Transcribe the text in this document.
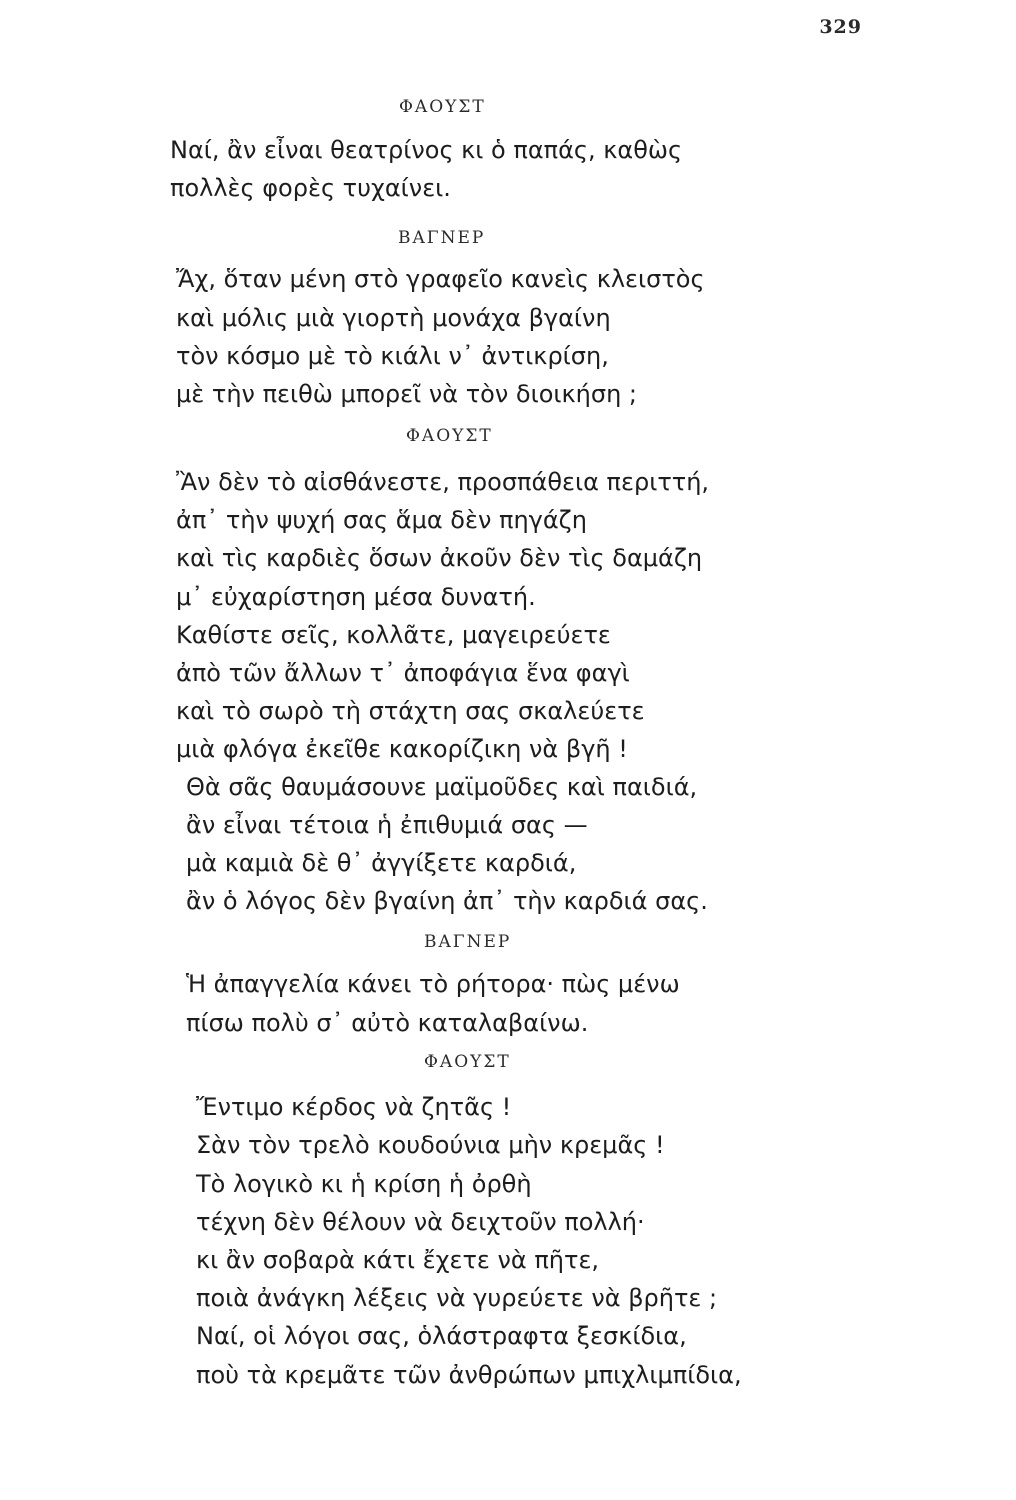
329
ΦΑΟΥΣΤ
Ναί, ἂν εἶναι θεατρίνος κι ὁ παπάς, καθὼς
πολλὲς φορὲς τυχαίνει.
ΒΑΓΝΕΡ
Ἄχ, ὅταν μένη στὸ γραφεῖο κανεὶς κλειστὸς
καὶ μόλις μιὰ γιορτὴ μονάχα βγαίνη
τὸν κόσμο μὲ τὸ κιάλι ν᾿ ἀντικρίση,
μὲ τὴν πειθὼ μπορεῖ νὰ τὸν διοικήση ;
ΦΑΟΥΣΤ
Ἂν δὲν τὸ αἰσθάνεστε, προσπάθεια περιττή,
ἀπ᾿ τὴν ψυχή σας ἅμα δὲν πηγάζη
καὶ τὶς καρδιὲς ὅσων ἀκοῦν δὲν τὶς δαμάζη
μ᾿ εὐχαρίστηση μέσα δυνατή.
Καθίστε σεῖς, κολλᾶτε, μαγειρεύετε
ἀπὸ τῶν ἄλλων τ᾿ ἀποφάγια ἕνα φαγὶ
καὶ τὸ σωρὸ τὴ στάχτη σας σκαλεύετε
μιὰ φλόγα ἐκεῖθε κακορίζικη νὰ βγῆ !
Θὰ σᾶς θαυμάσουνε μαϊμοῦδες καὶ παιδιά,
ἂν εἶναι τέτοια ἡ ἐπιθυμιά σας —
μὰ καμιὰ δὲ θ᾿ ἀγγίξετε καρδιά,
ἂν ὁ λόγος δὲν βγαίνη ἀπ᾿ τὴν καρδιά σας.
ΒΑΓΝΕΡ
Ἡ ἀπαγγελία κάνει τὸ ρήτορα· πὼς μένω
πίσω πολὺ σ᾿ αὐτὸ καταλαβαίνω.
ΦΑΟΥΣΤ
Ἔντιμο κέρδος νὰ ζητᾶς !
Σὰν τὸν τρελὸ κουδούνια μὴν κρεμᾶς !
Τὸ λογικὸ κι ἡ κρίση ἡ ὀρθὴ
τέχνη δὲν θέλουν νὰ δειχτοῦν πολλή·
κι ἂν σοβαρὰ κάτι ἔχετε νὰ πῆτε,
ποιὰ ἀνάγκη λέξεις νὰ γυρεύετε νὰ βρῆτε ;
Ναί, οἱ λόγοι σας, ὁλάστραφτα ξεσκίδια,
ποὺ τὰ κρεμᾶτε τῶν ἀνθρώπων μπιχλιμπίδια,
